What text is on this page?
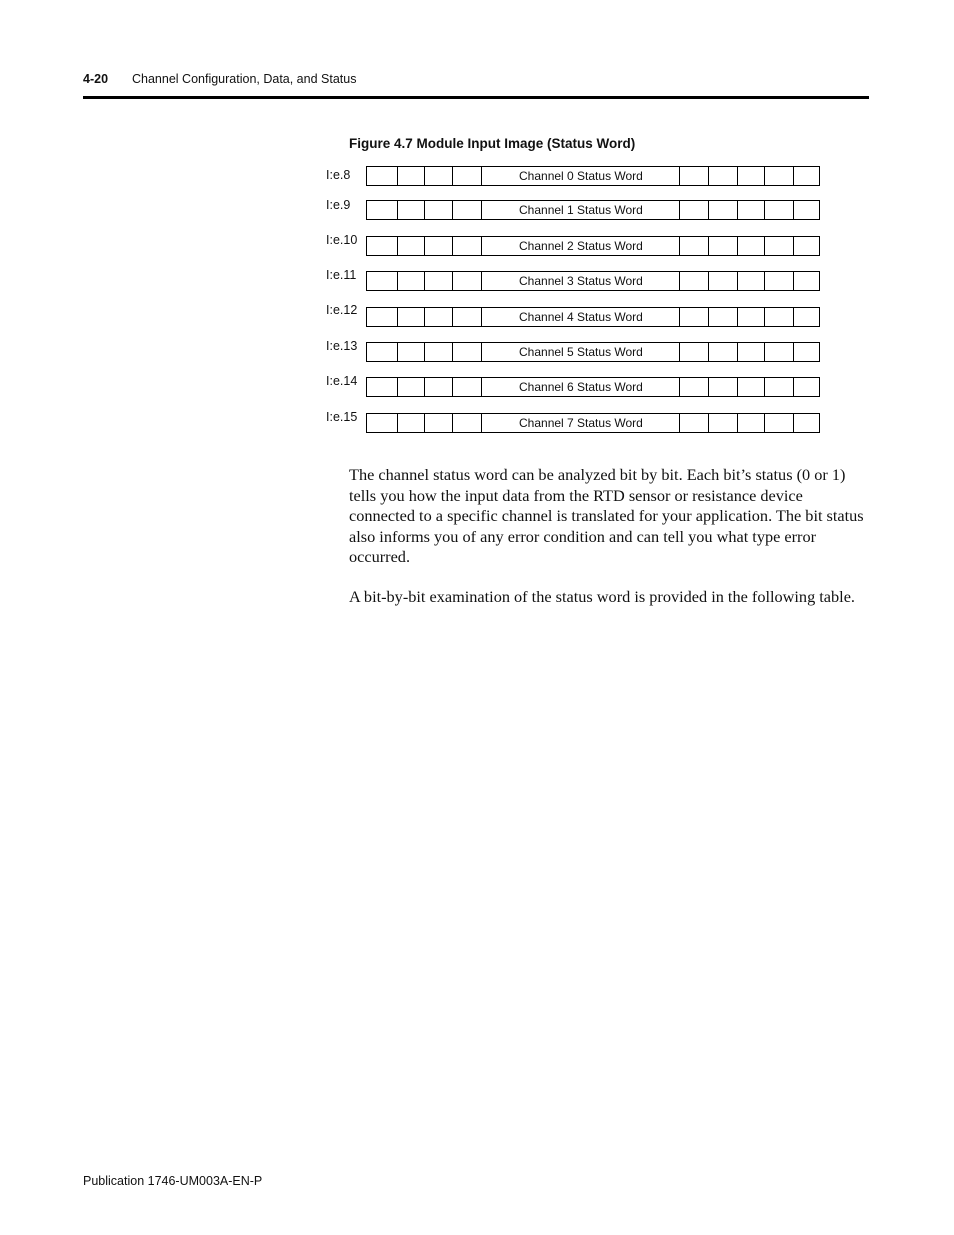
4-20	Channel Configuration, Data, and Status
Figure 4.7 Module Input Image (Status Word)
I:e.8	Channel 0 Status Word
I:e.9	Channel 1 Status Word
I:e.10	Channel 2 Status Word
I:e.11	Channel 3 Status Word
I:e.12	Channel 4 Status Word
I:e.13	Channel 5 Status Word
I:e.14	Channel 6 Status Word
I:e.15	Channel 7 Status Word

The channel status word can be analyzed bit by bit. Each bit’s status (0 or 1) tells you how the input data from the RTD sensor or resistance device connected to a specific channel is translated for your application. The bit status also informs you of any error condition and can tell you what type error occurred.

A bit-by-bit examination of the status word is provided in the following table.

Publication 1746-UM003A-EN-P
